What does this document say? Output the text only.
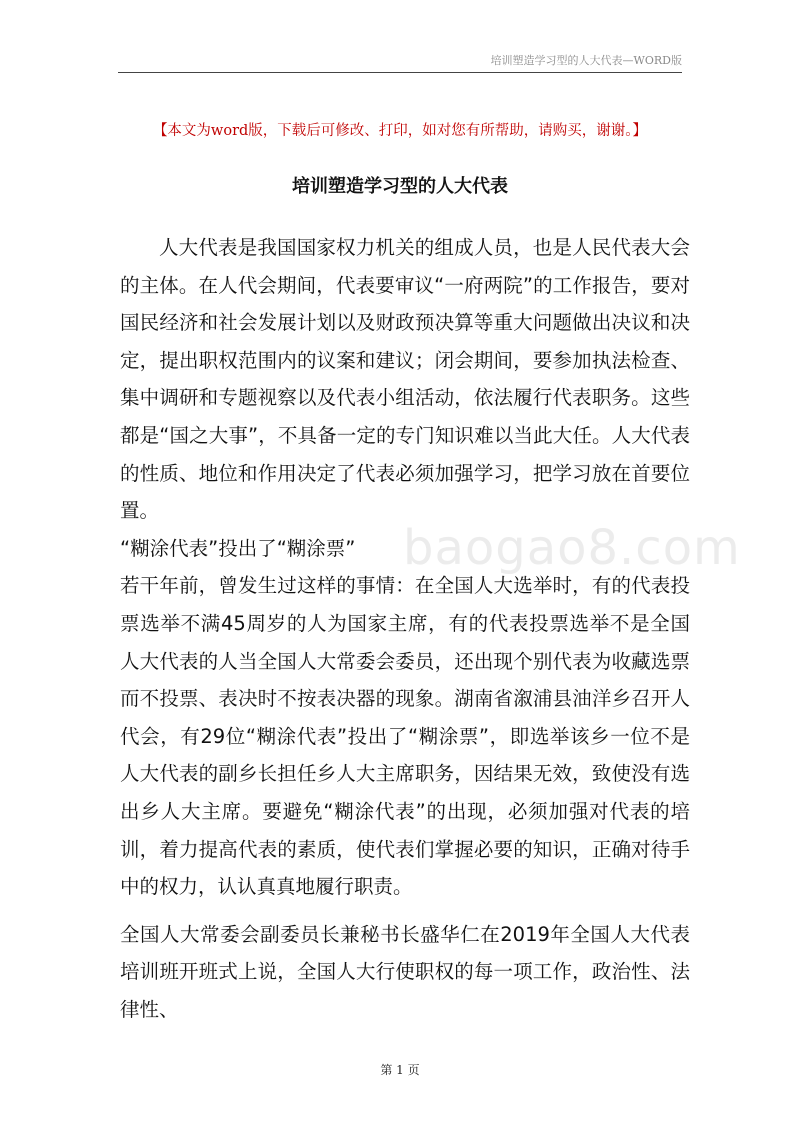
培训塑造学习型的人大代表—WORD版
【本文为word版，下载后可修改、打印，如对您有所帮助，请购买，谢谢。】
培训塑造学习型的人大代表
baogao8.com

人大代表是我国国家权力机关的组成人员，也是人民代表大会的主体。在人代会期间，代表要审议“一府两院”的工作报告，要对国民经济和社会发展计划以及财政预决算等重大问题做出决议和决定，提出职权范围内的议案和建议；闭会期间，要参加执法检查、集中调研和专题视察以及代表小组活动，依法履行代表职务。这些都是“国之大事”，不具备一定的专门知识难以当此大任。人大代表的性质、地位和作用决定了代表必须加强学习，把学习放在首要位置。

“糊涂代表”投出了“糊涂票”

若干年前，曾发生过这样的事情：在全国人大选举时，有的代表投票选举不满45周岁的人为国家主席，有的代表投票选举不是全国人大代表的人当全国人大常委会委员，还出现个别代表为收藏选票而不投票、表决时不按表决器的现象。湖南省溆浦县油洋乡召开人代会，有29位“糊涂代表”投出了“糊涂票”，即选举该乡一位不是人大代表的副乡长担任乡人大主席职务，因结果无效，致使没有选出乡人大主席。要避免“糊涂代表”的出现，必须加强对代表的培训，着力提高代表的素质，使代表们掌握必要的知识，正确对待手中的权力，认认真真地履行职责。

全国人大常委会副委员长兼秘书长盛华仁在2019年全国人大代表培训班开班式上说，全国人大行使职权的每一项工作，政治性、法律性、

第 1 页
